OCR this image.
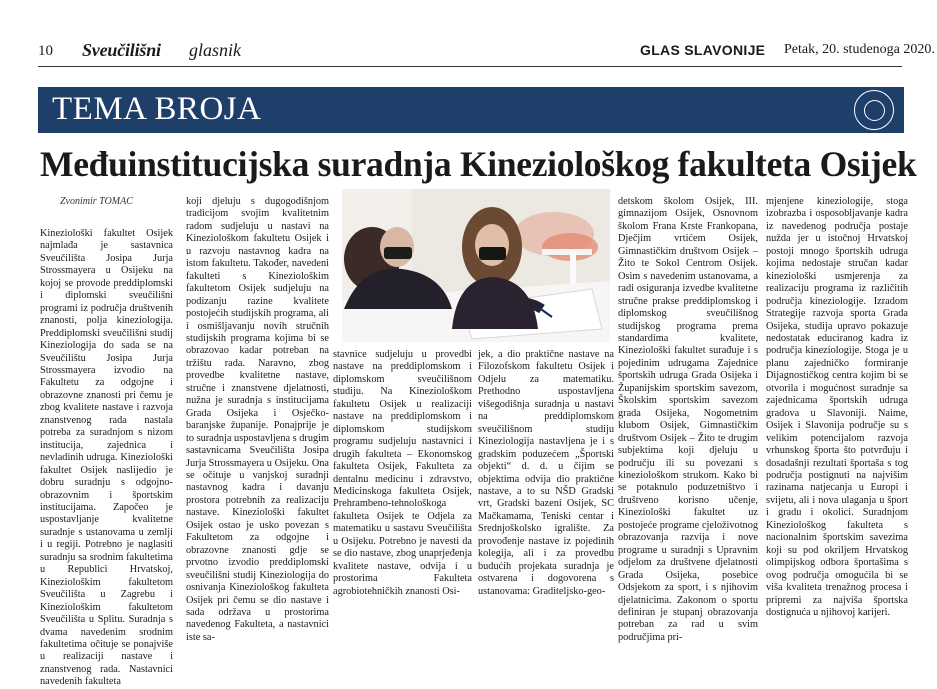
10 Sveučilišni glasnik	GLAS SLAVONIJE Petak, 20. studenoga 2020.
TEMA BROJA
Međuinstitucijska suradnja Kineziološkog fakulteta Osijek
Zvonimir TOMAC
Kineziološki fakultet Osijek najmlađa je sastavnica Sveučilišta Josipa Jurja Strossmayera u Osijeku na kojoj se provode preddiplomski i diplomski sveučilišni programi iz područja društvenih znanosti, polja kineziologija. Preddiplomski sveučilišni studij Kineziologija do sada se na Sveučilištu Josipa Jurja Strossmayera izvodio na Fakultetu za odgojne i obrazovne znanosti pri čemu je zbog kvalitete nastave i razvoja znanstvenog rada nastala potreba za suradnjom s nizom institucija, zajednica i nevladinih udruga. Kineziološki fakultet Osijek naslijedio je dobru suradnju s odgojno-obrazovnim i športskim institucijama. Započeo je uspostavljanje kvalitetne suradnje s ustanovama u zemlji i u regiji. Potrebno je naglasiti suradnju sa srodnim fakultetima u Republici Hrvatskoj, Kineziološkim fakultetom Sveučilišta u Zagrebu i Kineziološkim fakultetom Sveučilišta u Splitu. Suradnja s dvama navedenim srodnim fakultetima očituje se ponajviše u realizaciji nastave i znanstvenog rada. Nastavnici navedenih fakulteta
koji djeluju s dugogodišnjom tradicijom svojim kvalitetnim radom sudjeluju u nastavi na Kineziološkom fakultetu Osijek i u razvoju nastavnog kadra na istom fakultetu. Također, navedeni fakulteti s Kineziološkim fakultetom Osijek sudjeluju na podizanju razine kvalitete postojećih studijskih programa, ali i osmišljavanju novih stručnih studijskih programa kojima bi se obrazovao kadar potreban na tržištu rada. Naravno, zbog provedbe kvalitetne nastave, stručne i znanstvene djelatnosti, nužna je suradnja s institucijama Grada Osijeka i Osječko-baranjske županije. Ponajprije je to suradnja uspostavljena s drugim sastavnicama Sveučilišta Josipa Jurja Strossmayera u Osijeku. Ona se očituje u vanjskoj suradnji nastavnog kadra i davanju prostora potrebnih za realizaciju nastave. Kineziološki fakultet Osijek ostao je usko povezan s Fakultetom za odgojne i obrazovne znanosti gdje se prvotno izvodio preddiplomski sveučilišni studij Kineziologija do osnivanja Kineziološkog fakulteta Osijek pri čemu se dio nastave i sada održava u prostorima navedenog Fakulteta, a nastavnici iste sa-
stavnice sudjeluju u provedbi nastave na preddiplomskom i diplomskom sveučilišnom studiju. Na Kineziološkom fakultetu Osijek u realizaciji nastave na preddiplomskom i diplomskom studijskom programu sudjeluju nastavnici i drugih fakulteta – Ekonomskog fakulteta Osijek, Fakulteta za dentalnu medicinu i zdravstvo, Medicinskoga fakulteta Osijek, Prehrambeno-tehnološkoga fakulteta Osijek te Odjela za matematiku u sastavu Sveučilišta u Osijeku. Potrebno je navesti da se dio nastave, zbog unaprjeđenja kvalitete nastave, odvija i u prostorima Fakulteta agrobiotehničkih znanosti Osi-
jek, a dio praktične nastave na Filozofskom fakultetu Osijek i Odjelu za matematiku. Prethodno uspostavljena višegodišnja suradnja u nastavi na preddiplomskom sveučilišnom studiju Kineziologija nastavljena je i s gradskim poduzećem „Športski objekti“ d. d. u čijim se objektima odvija dio praktične nastave, a to su NŠD Gradski vrt, Gradski bazeni Osijek, SC Mačkamama, Teniski centar i Srednjoškolsko igralište. Za provođenje nastave iz pojedinih kolegija, ali i za provedbu budućih projekata suradnja je ostvarena i dogovorena s ustanovama: Graditeljsko-geo-
detskom školom Osijek, III. gimnazijom Osijek, Osnovnom školom Frana Krste Frankopana, Dječjim vrtićem Osijek, Gimnastičkim društvom Osijek – Žito te Sokol Centrom Osijek. Osim s navedenim ustanovama, a radi osiguranja izvedbe kvalitetne stručne prakse preddiplomskog i diplomskog sveučilišnog studijskog programa prema standardima kvalitete, Kineziološki fakultet surađuje i s pojedinim udrugama Zajednice športskih udruga Grada Osijeka i Županijskim sportskim savezom, Školskim sportskim savezom grada Osijeka, Nogometnim klubom Osijek, Gimnastičkim društvom Osijek – Žito te drugim subjektima koji djeluju u području ili su povezani s kineziološkom strukom. Kako bi se potaknulo poduzetništvo i društveno korisno učenje, Kineziološki fakultet uz postojeće programe cjeloživotnog obrazovanja razvija i nove programe u suradnji s Upravnim odjelom za društvene djelatnosti Grada Osijeka, posebice Odsjekom za sport, i s njihovim djelatnicima. Zakonom o sportu definiran je stupanj obrazovanja potreban za rad u svim područjima pri-
mjenjene kineziologije, stoga izobrazba i osposobljavanje kadra iz navedenog područja postaje nužda jer u istočnoj Hrvatskoj postoji mnogo športskih udruga kojima nedostaje stručan kadar kineziološki usmjerenja za realizaciju programa iz različitih područja kineziologije. Izradom Strategije razvoja sporta Grada Osijeka, studija upravo pokazuje nedostatak educiranog kadra iz područja kineziologije. Stoga je u planu zajedničko formiranje Dijagnostičkog centra kojim bi se otvorila i mogućnost suradnje sa zajednicama športskih udruga gradova u Slavoniji. Naime, Osijek i Slavonija područje su s velikim potencijalom razvoja vrhunskog športa što potvrđuju i dosadašnji rezultati športaša s tog područja postignuti na najvišim razinama natjecanja u Europi i svijetu, ali i nova ulaganja u šport i gradu i okolici. Suradnjom Kineziološkog fakulteta s nacionalnim športskim savezima koji su pod okriljem Hrvatskog olimpijskog odbora športašima s ovog područja omogućila bi se viša kvaliteta trenažnog procesa i pripremi za najviša športska dostignuća u njihovoj karijeri.
